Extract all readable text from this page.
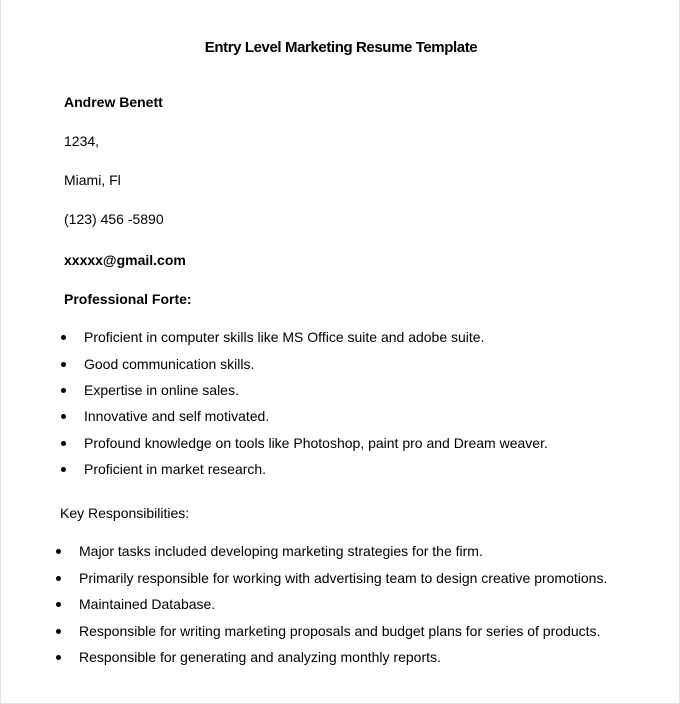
Entry Level Marketing Resume Template

Andrew Benett

1234,

Miami, Fl

(123) 456 -5890

xxxxx@gmail.com

Professional Forte:

Proficient in computer skills like MS Office suite and adobe suite.
Good communication skills.
Expertise in online sales.
Innovative and self motivated.
Profound knowledge on tools like Photoshop, paint pro and Dream weaver.
Proficient in market research.

Key Responsibilities:

Major tasks included developing marketing strategies for the firm.
Primarily responsible for working with advertising team to design creative promotions.
Maintained Database.
Responsible for writing marketing proposals and budget plans for series of products.
Responsible for generating and analyzing monthly reports.
